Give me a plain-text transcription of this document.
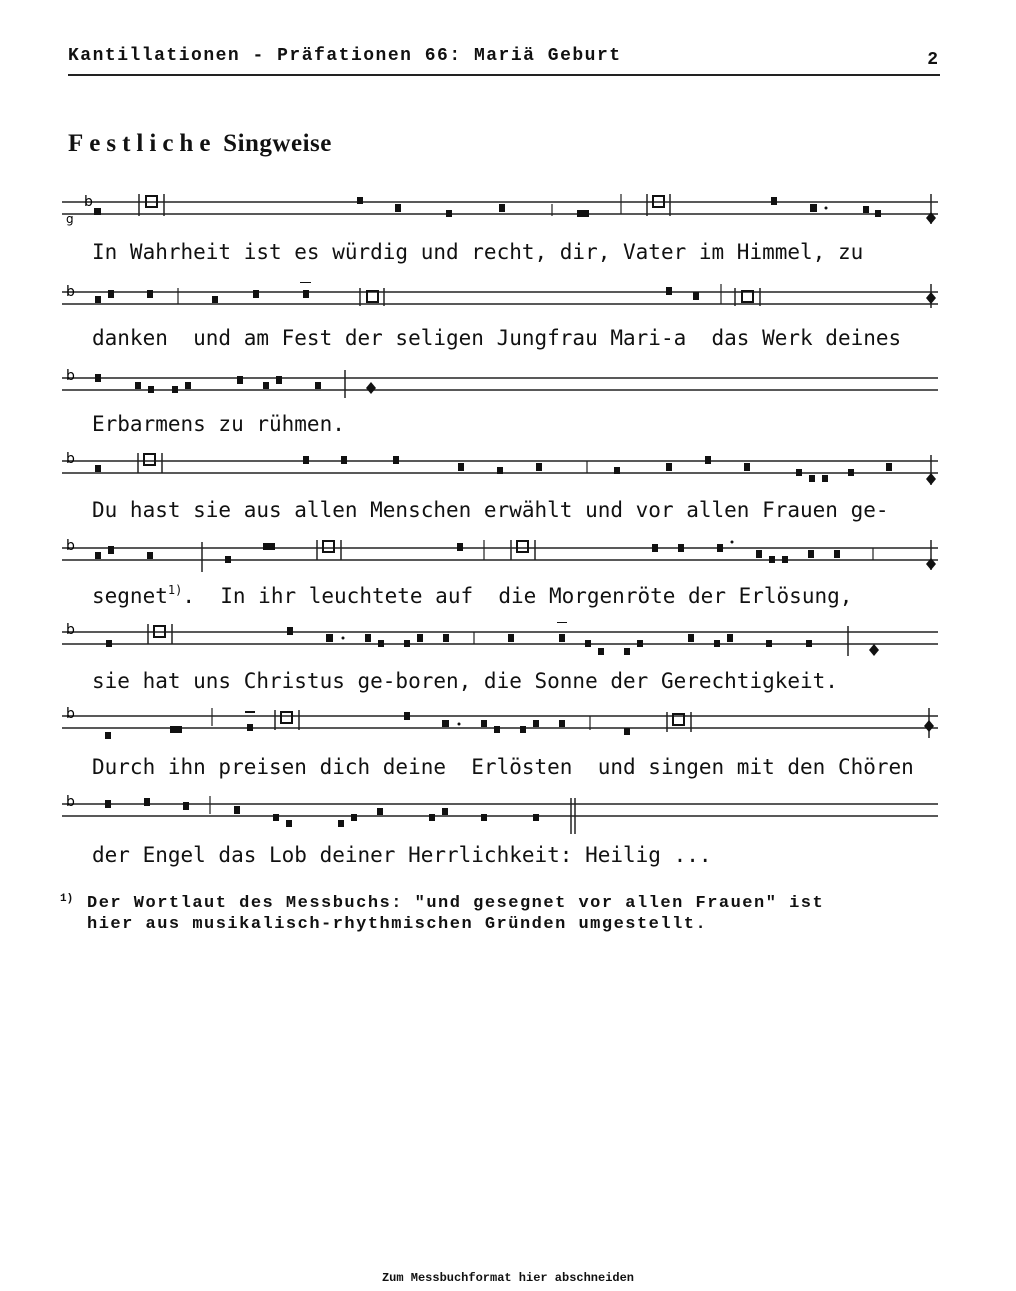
Kantillationen - Präfationen 66: Mariä Geburt	2
Festliche Singweise
b
g
In Wahrheit ist es würdig und recht, dir, Vater im Himmel, zu
b
danken  und am Fest der seligen Jungfrau Mari-a  das Werk deines
b
Erbarmens zu rühmen.
b
Du hast sie aus allen Menschen erwählt und vor allen Frauen ge-
b
segnet$^{1)}$.  In ihr leuchtete auf  die Morgenröte der Erlösung,
b
sie hat uns Christus ge-boren, die Sonne der Gerechtigkeit.
b
Durch ihn preisen dich deine  Erlösten  und singen mit den Chören
b
der Engel das Lob deiner Herrlichkeit: Heilig ...
1) Der Wortlaut des Messbuchs: "und gesegnet vor allen Frauen" ist
hier aus musikalisch-rhythmischen Gründen umgestellt.
Zum Messbuchformat hier abschneiden
